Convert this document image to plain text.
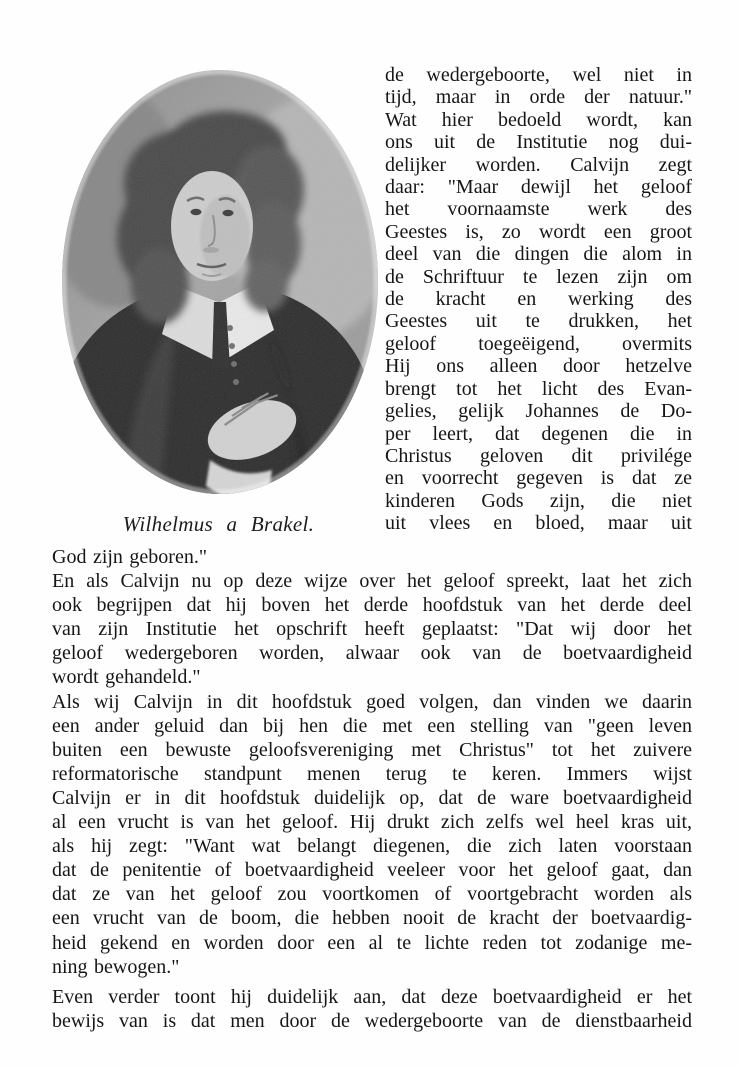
Wilhelmus a Brakel.
de wedergeboorte, wel niet in
tijd, maar in orde der natuur."
Wat hier bedoeld wordt, kan
ons uit de Institutie nog dui-
delijker worden. Calvijn zegt
daar: "Maar dewijl het geloof
het voornaamste werk des
Geestes is, zo wordt een groot
deel van die dingen die alom in
de Schriftuur te lezen zijn om
de kracht en werking des
Geestes uit te drukken, het
geloof toegeëigend, overmits
Hij ons alleen door hetzelve
brengt tot het licht des Evan-
gelies, gelijk Johannes de Do-
per leert, dat degenen die in
Christus geloven dit privilége
en voorrecht gegeven is dat ze
kinderen Gods zijn, die niet
uit vlees en bloed, maar uit
God zijn geboren."
En als Calvijn nu op deze wijze over het geloof spreekt, laat het zich
ook begrijpen dat hij boven het derde hoofdstuk van het derde deel
van zijn Institutie het opschrift heeft geplaatst: "Dat wij door het
geloof wedergeboren worden, alwaar ook van de boetvaardigheid
wordt gehandeld."
Als wij Calvijn in dit hoofdstuk goed volgen, dan vinden we daarin
een ander geluid dan bij hen die met een stelling van "geen leven
buiten een bewuste geloofsvereniging met Christus" tot het zuivere
reformatorische standpunt menen terug te keren. Immers wijst
Calvijn er in dit hoofdstuk duidelijk op, dat de ware boetvaardigheid
al een vrucht is van het geloof. Hij drukt zich zelfs wel heel kras uit,
als hij zegt: "Want wat belangt diegenen, die zich laten voorstaan
dat de penitentie of boetvaardigheid veeleer voor het geloof gaat, dan
dat ze van het geloof zou voortkomen of voortgebracht worden als
een vrucht van de boom, die hebben nooit de kracht der boetvaardig-
heid gekend en worden door een al te lichte reden tot zodanige me-
ning bewogen."
Even verder toont hij duidelijk aan, dat deze boetvaardigheid er het
bewijs van is dat men door de wedergeboorte van de dienstbaarheid
